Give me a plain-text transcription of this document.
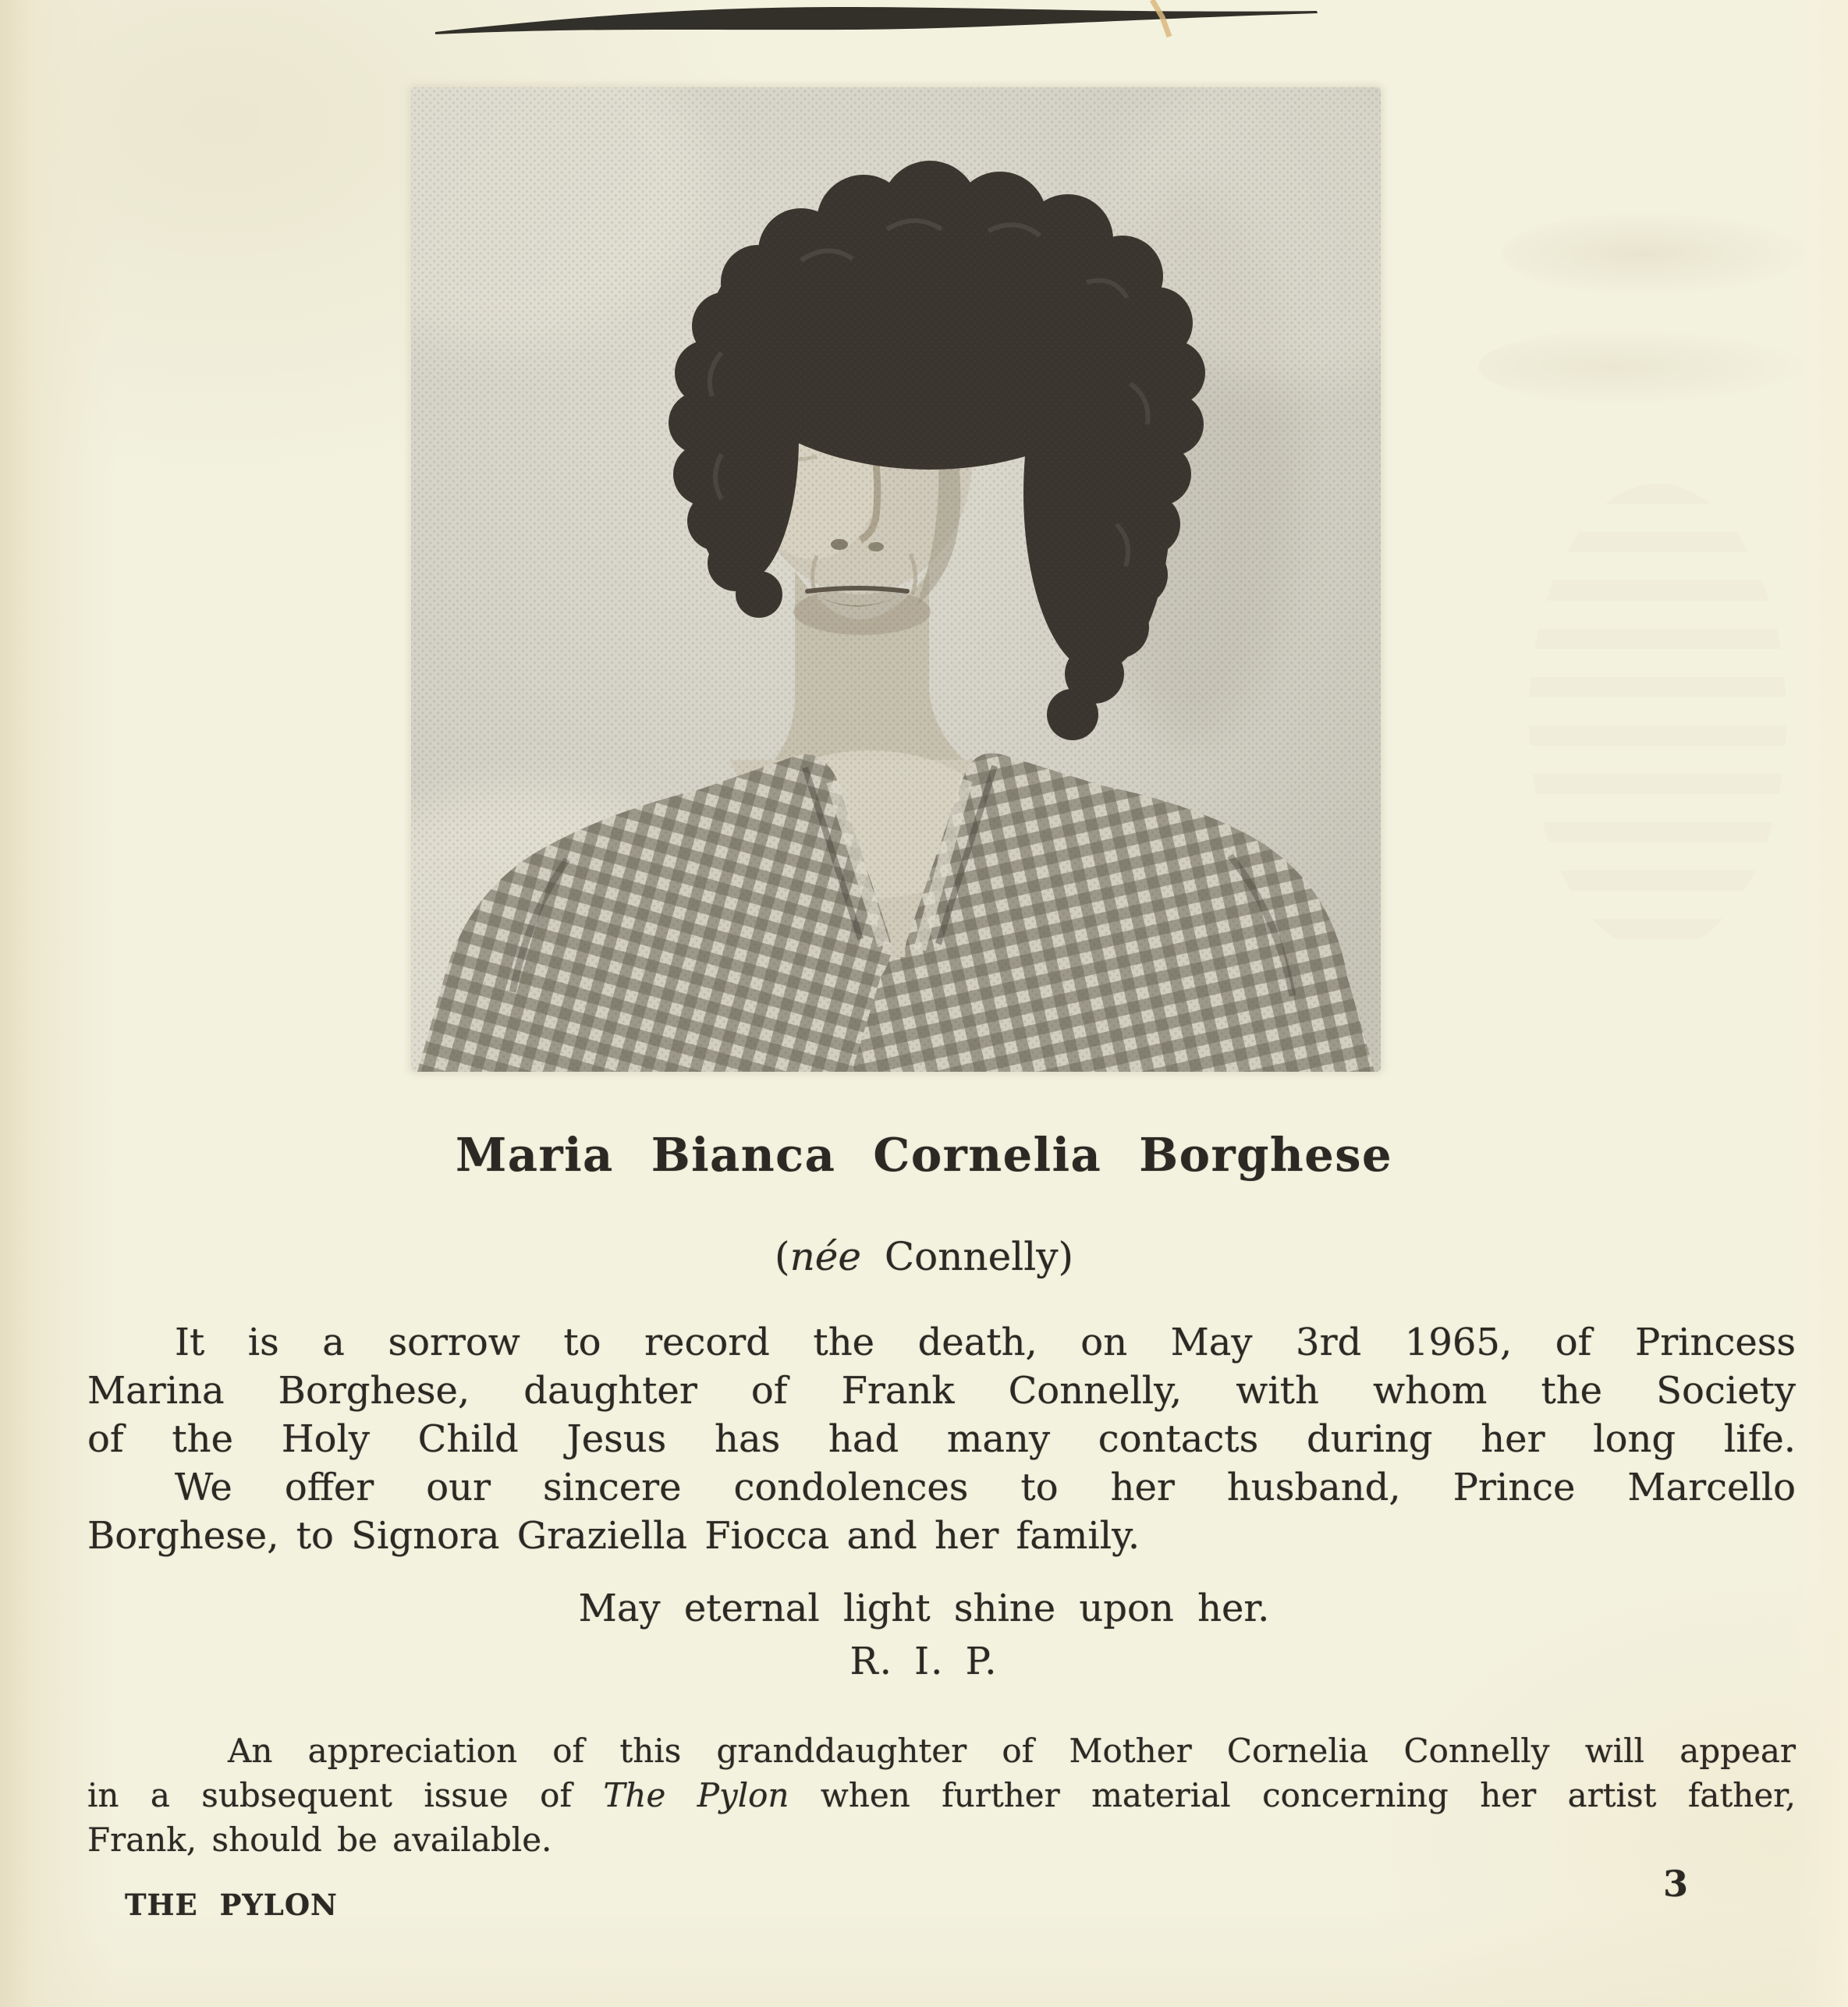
Maria Bianca Cornelia Borghese
(née Connelly)
It is a sorrow to record the death, on May 3rd 1965, of Princess
Marina Borghese, daughter of Frank Connelly, with whom the Society
of the Holy Child Jesus has had many contacts during her long life.
We offer our sincere condolences to her husband, Prince Marcello
Borghese, to Signora Graziella Fiocca and her family.
May eternal light shine upon her.
R. I. P.
An appreciation of this granddaughter of Mother Cornelia Connelly will appear
in a subsequent issue of The Pylon when further material concerning her artist father,
Frank, should be available.
THE PYLON	3
